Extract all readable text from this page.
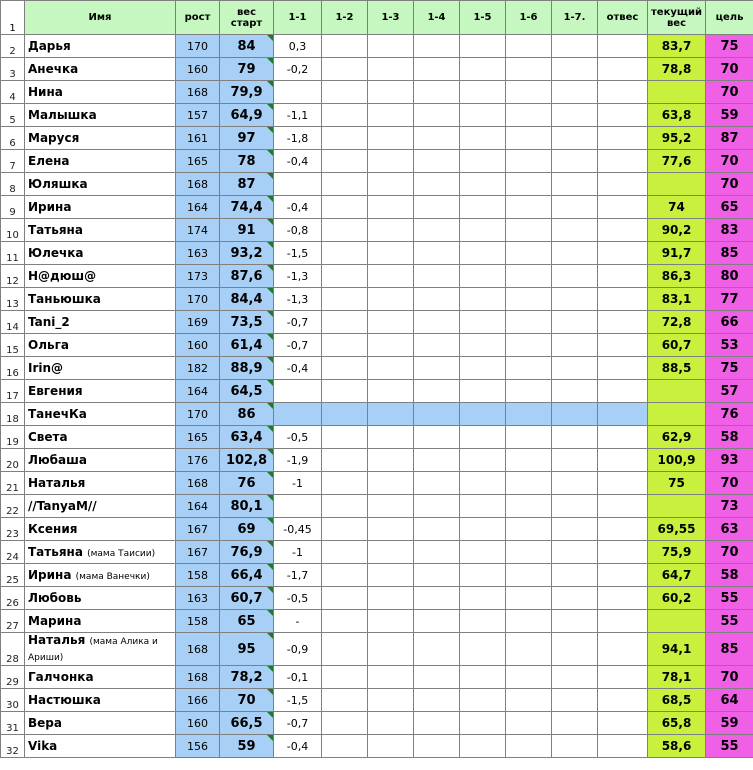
1	Имя	рост	вес старт	1-1	1-2	1-3	1-4	1-5	1-6	1-7.	отвес	текущий вес	цель
2	Дарья	170	84	0,3								83,7	75
3	Анечка	160	79	-0,2								78,8	70
4	Нина	168	79,9										70
5	Малышка	157	64,9	-1,1								63,8	59
6	Маруся	161	97	-1,8								95,2	87
7	Елена	165	78	-0,4								77,6	70
8	Юляшка	168	87										70
9	Ирина	164	74,4	-0,4								74	65
10	Татьяна	174	91	-0,8								90,2	83
11	Юлечка	163	93,2	-1,5								91,7	85
12	Н@дюш@	173	87,6	-1,3								86,3	80
13	Таньюшка	170	84,4	-1,3								83,1	77
14	Tani_2	169	73,5	-0,7								72,8	66
15	Ольга	160	61,4	-0,7								60,7	53
16	Irin@	182	88,9	-0,4								88,5	75
17	Евгения	164	64,5										57
18	ТанечКа	170	86										76
19	Света	165	63,4	-0,5								62,9	58
20	Любаша	176	102,8	-1,9								100,9	93
21	Наталья	168	76	-1								75	70
22	//TanyaM//	164	80,1										73
23	Ксения	167	69	-0,45								69,55	63
24	Татьяна (мама Таисии)	167	76,9	-1								75,9	70
25	Ирина (мама Ванечки)	158	66,4	-1,7								64,7	58
26	Любовь	163	60,7	-0,5								60,2	55
27	Марина	158	65	-									55
28	Наталья (мама Алика и Ариши)	168	95	-0,9								94,1	85
29	Галчонка	168	78,2	-0,1								78,1	70
30	Настюшка	166	70	-1,5								68,5	64
31	Вера	160	66,5	-0,7								65,8	59
32	Vika	156	59	-0,4								58,6	55
